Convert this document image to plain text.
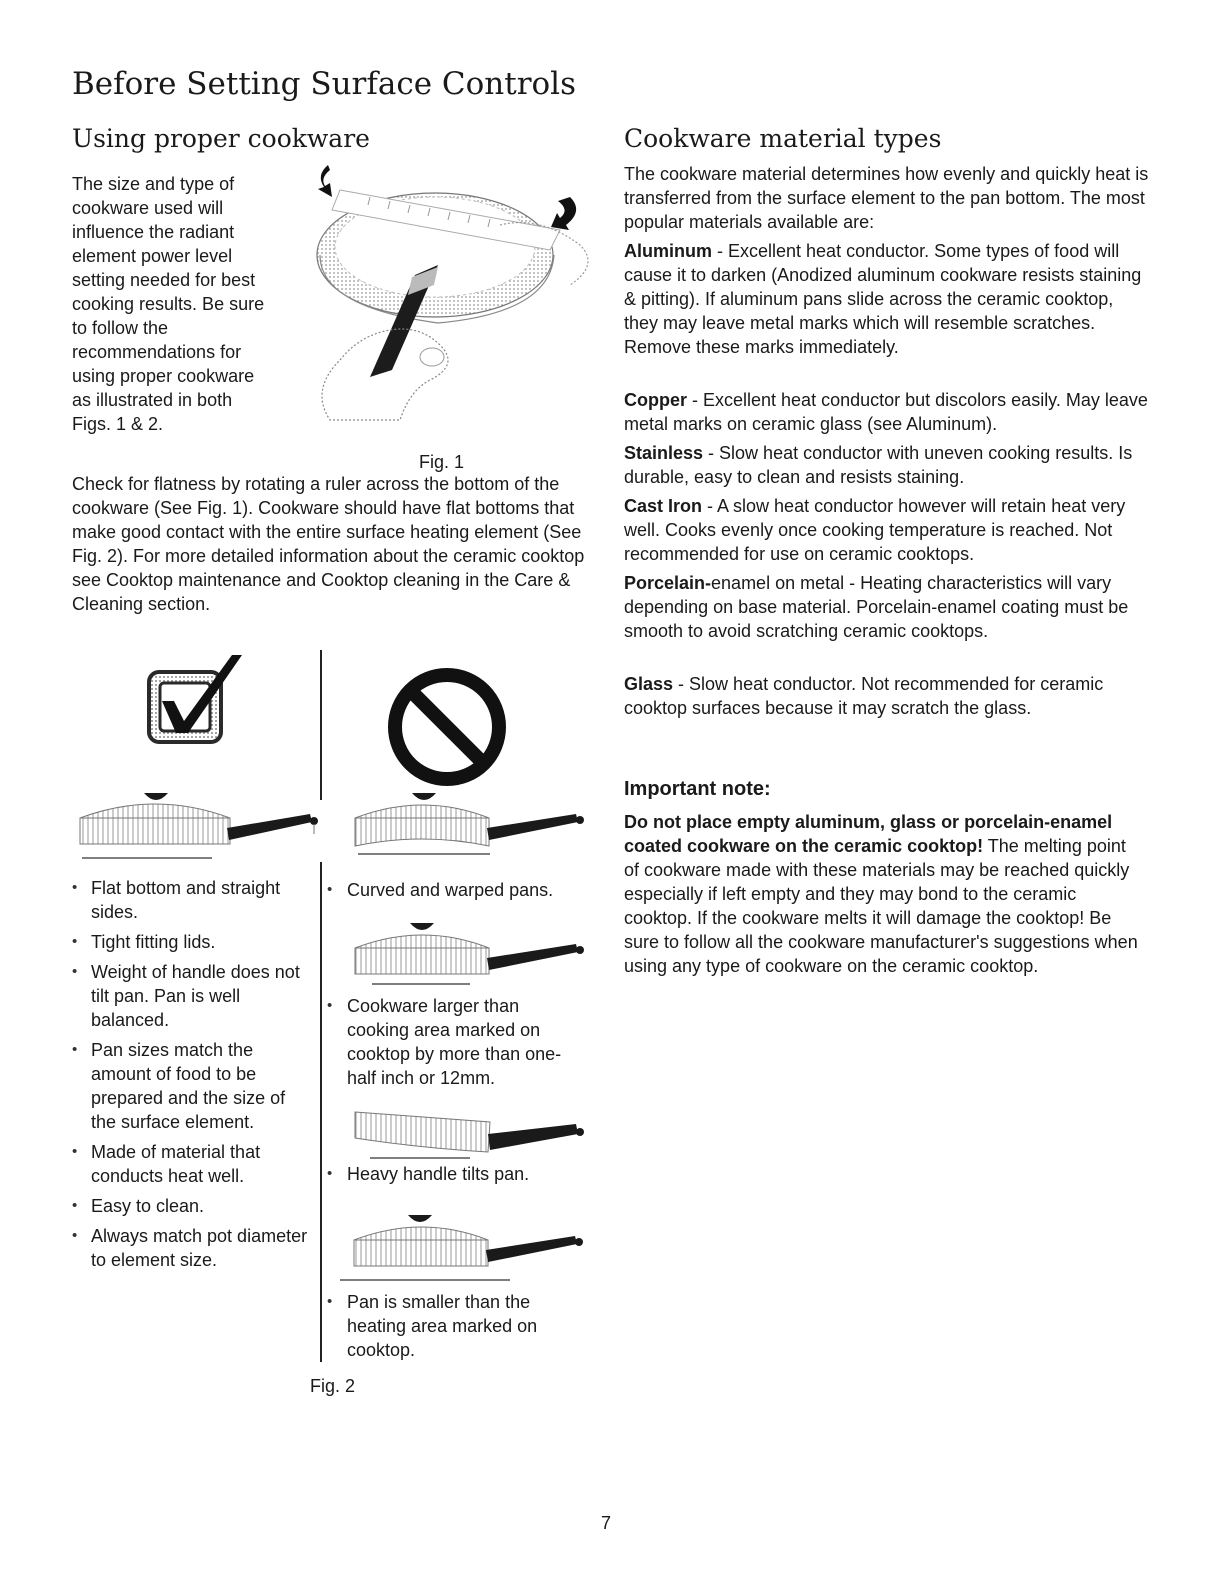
Before Setting Surface Controls
Using proper cookware	Cookware material types
The size and type of cookware used will influence the radiant element power level setting needed for best cooking results. Be sure to follow the recommendations for using proper cookware as illustrated in both Figs. 1 & 2.
Fig. 1
Check for flatness by rotating a ruler across the bottom of the cookware (See Fig. 1). Cookware should have flat bottoms that make good contact with the entire surface heating element (See Fig. 2). For more detailed information about the ceramic cooktop see Cooktop maintenance and Cooktop cleaning in the Care & Cleaning section.
• Flat bottom and straight sides.
• Tight fitting lids.
• Weight of handle does not tilt pan. Pan is well balanced.
• Pan sizes match the amount of food to be prepared and the size of the surface element.
• Made of material that conducts heat well.
• Easy to clean.
• Always match pot diameter to element size.
• Curved and warped pans.
• Cookware larger than cooking area marked on cooktop by more than one-half inch or 12mm.
• Heavy handle tilts pan.
• Pan is smaller than the heating area marked on cooktop.
Fig. 2
The cookware material determines how evenly and quickly heat is transferred from the surface element to the pan bottom. The most popular materials available are:
Aluminum - Excellent heat conductor. Some types of food will cause it to darken (Anodized aluminum cookware resists staining & pitting). If aluminum pans slide across the ceramic cooktop, they may leave metal marks which will resemble scratches. Remove these marks immediately.
Copper - Excellent heat conductor but discolors easily. May leave metal marks on ceramic glass (see Aluminum).
Stainless - Slow heat conductor with uneven cooking results. Is durable, easy to clean and resists staining.
Cast Iron - A slow heat conductor however will retain heat very well. Cooks evenly once cooking temperature is reached. Not recommended for use on ceramic cooktops.
Porcelain-enamel on metal - Heating characteristics will vary depending on base material. Porcelain-enamel coating must be smooth to avoid scratching ceramic cooktops.
Glass - Slow heat conductor. Not recommended for ceramic cooktop surfaces because it may scratch the glass.
Important note:
Do not place empty aluminum, glass or porcelain-enamel coated cookware on the ceramic cooktop! The melting point of cookware made with these materials may be reached quickly especially if left empty and they may bond to the ceramic cooktop. If the cookware melts it will damage the cooktop! Be sure to follow all the cookware manufacturer's suggestions when using any type of cookware on the ceramic cooktop.
7
